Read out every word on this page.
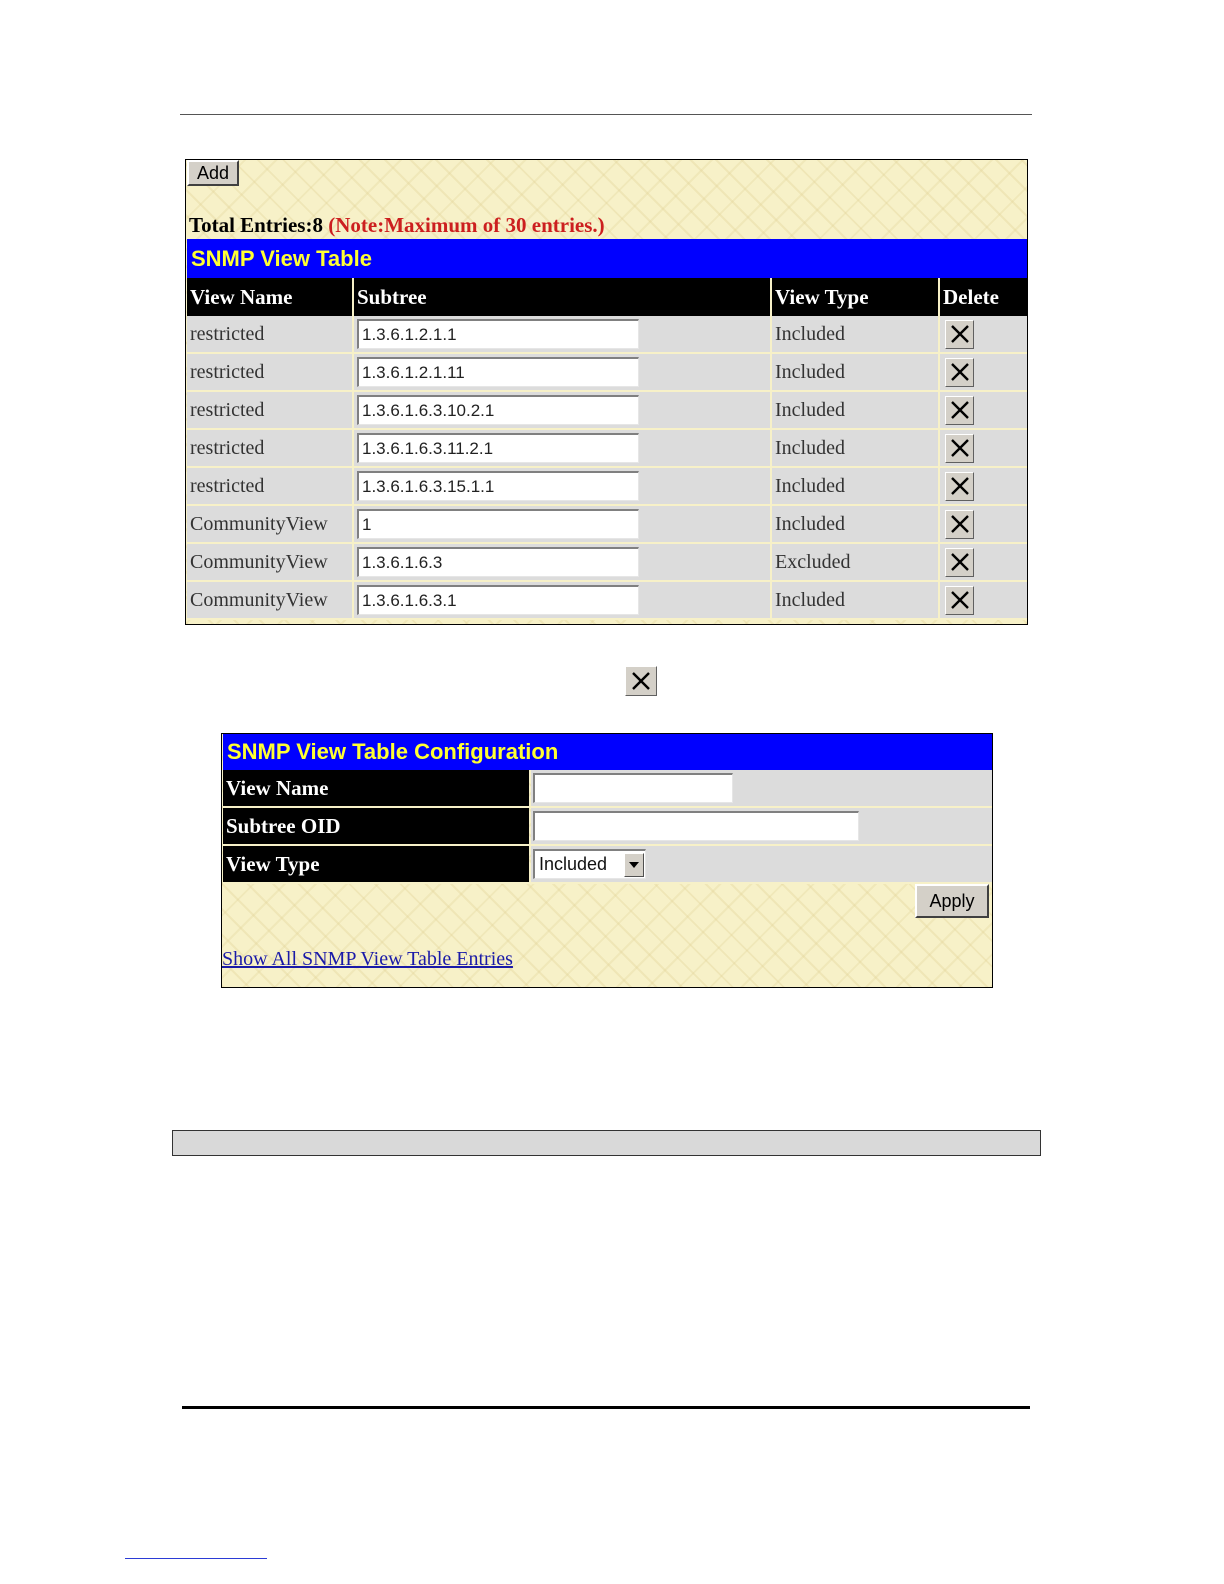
Add
Total Entries:8 (Note:Maximum of 30 entries.)
SNMP View Table
View Name	Subtree	View Type	Delete
restricted	1.3.6.1.2.1.1	Included
restricted	1.3.6.1.2.1.11	Included
restricted	1.3.6.1.6.3.10.2.1	Included
restricted	1.3.6.1.6.3.11.2.1	Included
restricted	1.3.6.1.6.3.15.1.1	Included
CommunityView	1	Included
CommunityView	1.3.6.1.6.3	Excluded
CommunityView	1.3.6.1.6.3.1	Included
SNMP View Table Configuration
View Name
Subtree OID
View Type	Included
Apply
Show All SNMP View Table Entries
